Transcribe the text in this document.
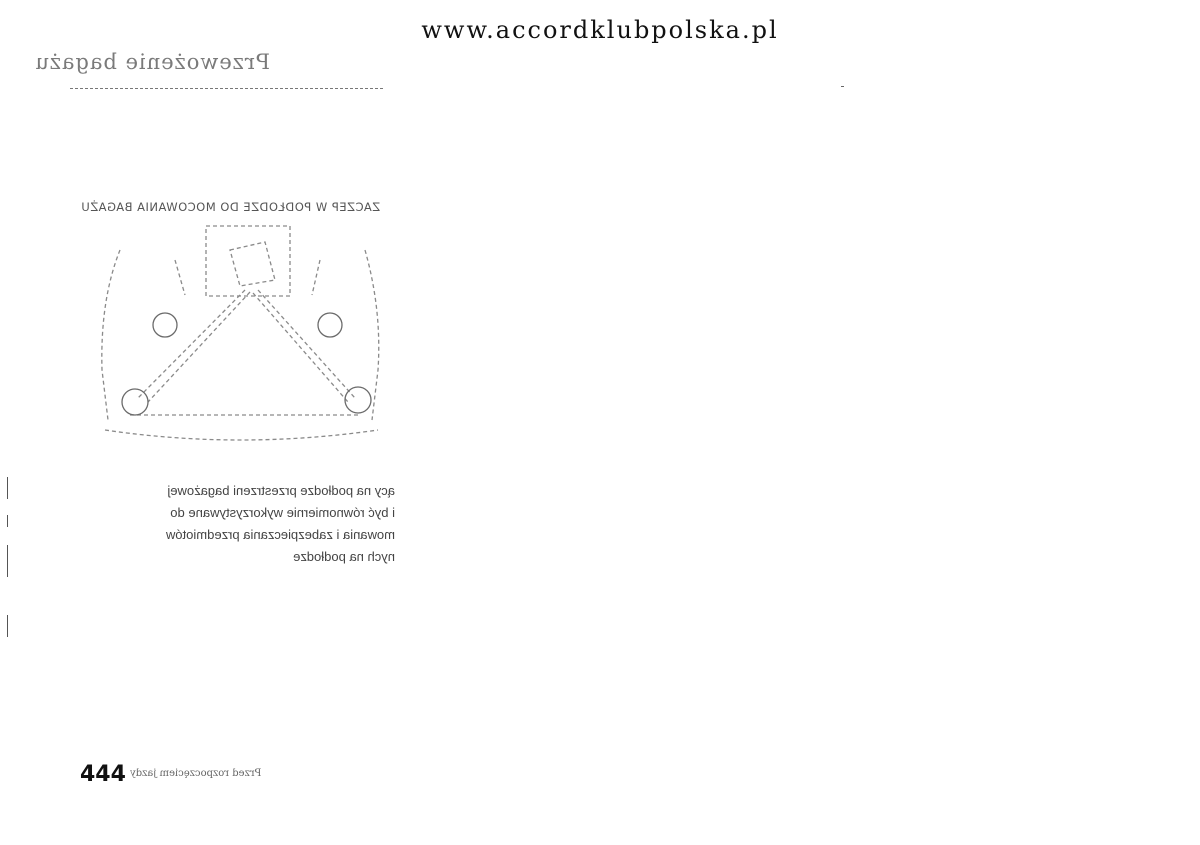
www.accordklubpolska.pl
Przewożenie bagażu
ZACZEP W PODŁODZE DO MOCOWANIA BAGAŻU
ący na podłodze przestrzeni bagażowej
i być równomiernie wykorzystywane do
mowania i zabezpieczania przedmiotów
nych na podłodze
444 Przed rozpoczęciem jazdy
